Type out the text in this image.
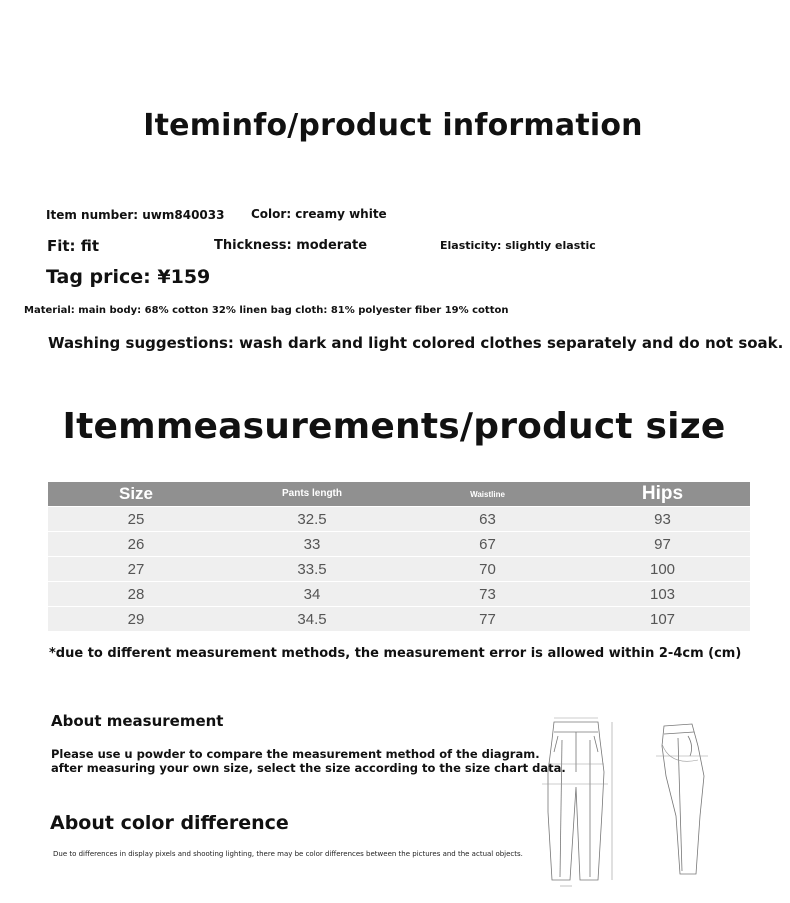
Iteminfo/product information
Item number: uwm840033 Color: creamy white
Fit: fit	Thickness: moderate	Elasticity: slightly elastic
Tag price: ¥159
Material: main body: 68% cotton 32% linen bag cloth: 81% polyester fiber 19% cotton
Washing suggestions: wash dark and light colored clothes separately and do not soak.
Itemmeasurements/product size
Size	Pants length	Waistline	Hips
25	32.5	63	93
26	33	67	97
27	33.5	70	100
28	34	73	103
29	34.5	77	107
*due to different measurement methods, the measurement error is allowed within 2-4cm (cm)
About measurement
Please use u powder to compare the measurement method of the diagram.
after measuring your own size, select the size according to the size chart data.
About color difference
Due to differences in display pixels and shooting lighting, there may be color differences between the pictures and the actual objects.
